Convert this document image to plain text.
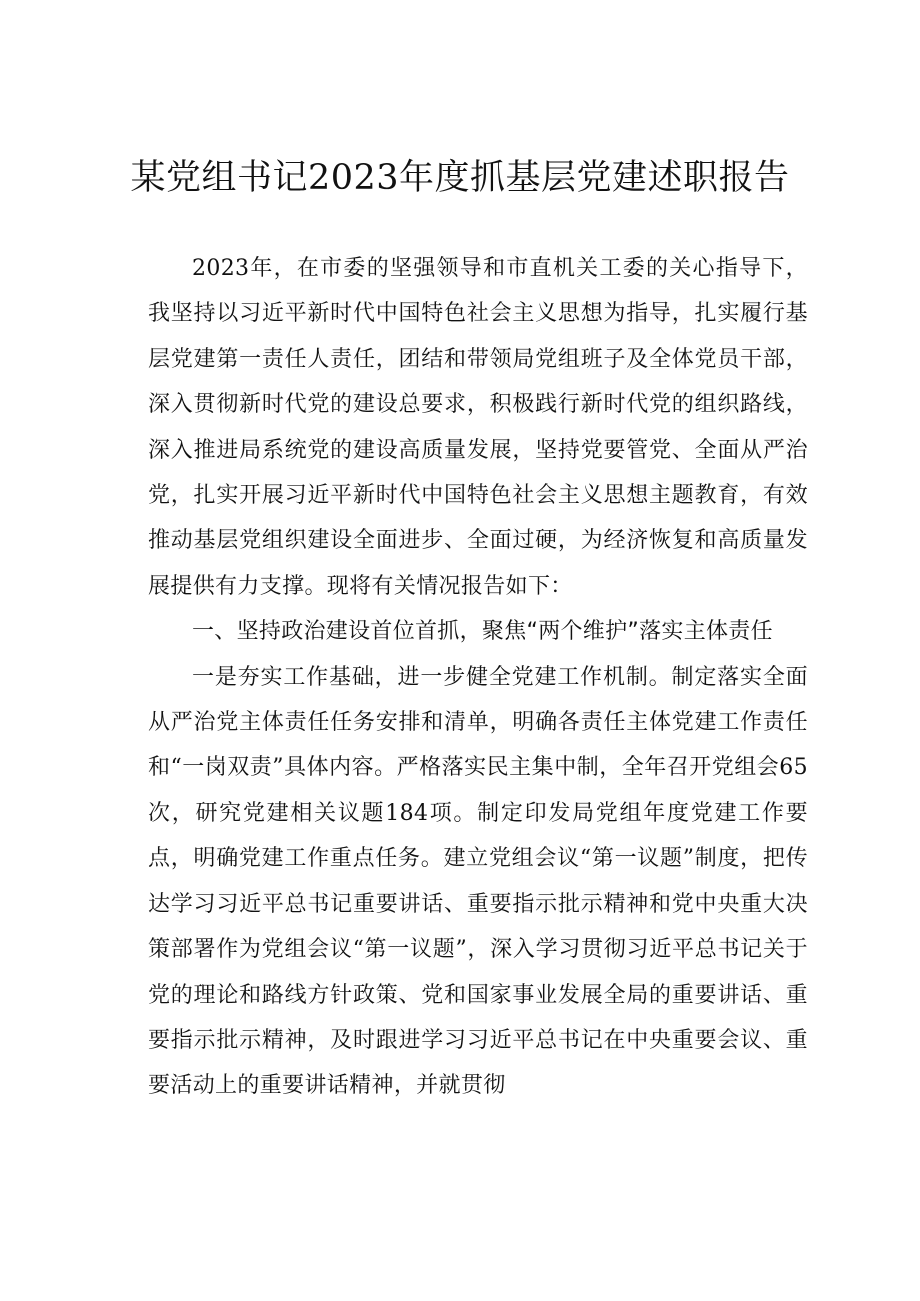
某党组书记2023年度抓基层党建述职报告

2023年，在市委的坚强领导和市直机关工委的关心指导下，我坚持以习近平新时代中国特色社会主义思想为指导，扎实履行基层党建第一责任人责任，团结和带领局党组班子及全体党员干部，深入贯彻新时代党的建设总要求，积极践行新时代党的组织路线，深入推进局系统党的建设高质量发展，坚持党要管党、全面从严治党，扎实开展习近平新时代中国特色社会主义思想主题教育，有效推动基层党组织建设全面进步、全面过硬，为经济恢复和高质量发展提供有力支撑。现将有关情况报告如下：

一、坚持政治建设首位首抓，聚焦“两个维护”落实主体责任

一是夯实工作基础，进一步健全党建工作机制。制定落实全面从严治党主体责任任务安排和清单，明确各责任主体党建工作责任和“一岗双责”具体内容。严格落实民主集中制，全年召开党组会65次，研究党建相关议题184项。制定印发局党组年度党建工作要点，明确党建工作重点任务。建立党组会议“第一议题”制度，把传达学习习近平总书记重要讲话、重要指示批示精神和党中央重大决策部署作为党组会议“第一议题”，深入学习贯彻习近平总书记关于党的理论和路线方针政策、党和国家事业发展全局的重要讲话、重要指示批示精神，及时跟进学习习近平总书记在中央重要会议、重要活动上的重要讲话精神，并就贯彻
